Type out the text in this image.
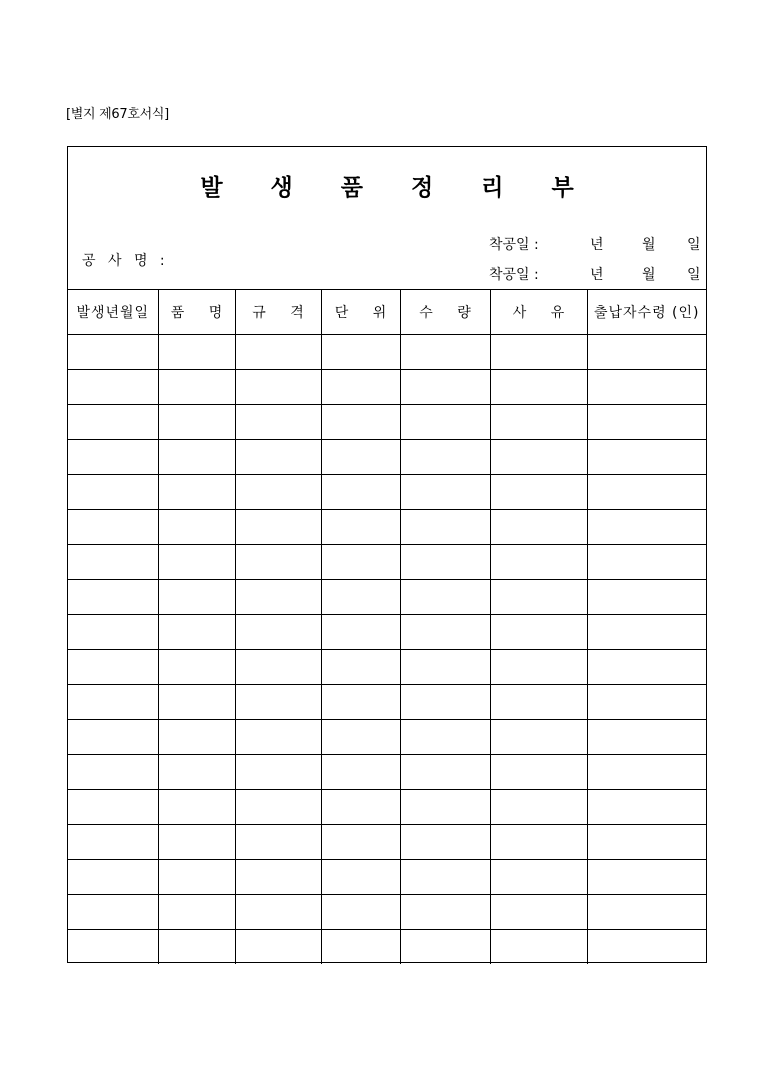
[별지 제67호서식]
발 생 품 정 리 부
공 사 명 :
착공일 :	년	월 일
착공일 :	년	월 일
발생년월일	품 명	규 격	단 위	수 량	사 유	출납자수령 (인)
